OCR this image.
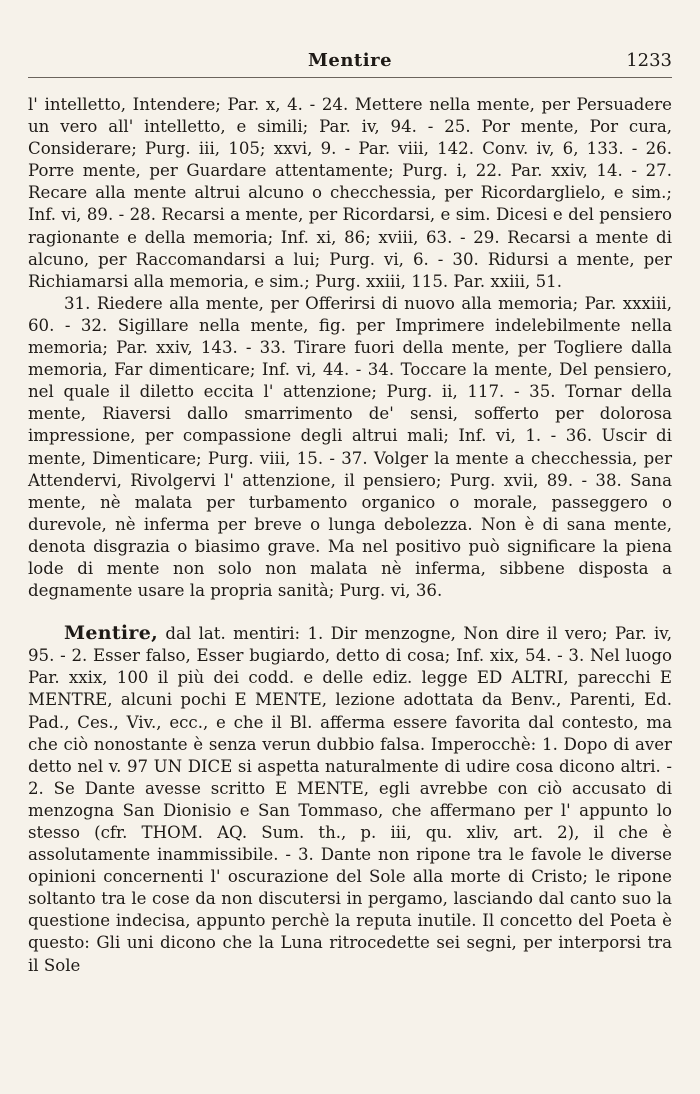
Mentire	1233

l' intelletto, Intendere; Par. x, 4. - 24. Mettere nella mente, per Persuadere un vero all' intelletto, e simili; Par. iv, 94. - 25. Por mente, Por cura, Considerare; Purg. iii, 105; xxvi, 9. - Par. viii, 142. Conv. iv, 6, 133. - 26. Porre mente, per Guardare attentamente; Purg. i, 22. Par. xxiv, 14. - 27. Recare alla mente altrui alcuno o checchessia, per Ricordarglielo, e sim.; Inf. vi, 89. - 28. Recarsi a mente, per Ricordarsi, e sim. Dicesi e del pensiero ragionante e della memoria; Inf. xi, 86; xviii, 63. - 29. Recarsi a mente di alcuno, per Raccomandarsi a lui; Purg. vi, 6. - 30. Ridursi a mente, per Richiamarsi alla memoria, e sim.; Purg. xxiii, 115. Par. xxiii, 51.

31. Riedere alla mente, per Offerirsi di nuovo alla memoria; Par. xxxiii, 60. - 32. Sigillare nella mente, fig. per Imprimere indelebilmente nella memoria; Par. xxiv, 143. - 33. Tirare fuori della mente, per Togliere dalla memoria, Far dimenticare; Inf. vi, 44. - 34. Toccare la mente, Del pensiero, nel quale il diletto eccita l' attenzione; Purg. ii, 117. - 35. Tornar della mente, Riaversi dallo smarrimento de' sensi, sofferto per dolorosa impressione, per compassione degli altrui mali; Inf. vi, 1. - 36. Uscir di mente, Dimenticare; Purg. viii, 15. - 37. Volger la mente a checchessia, per Attendervi, Rivolgervi l' attenzione, il pensiero; Purg. xvii, 89. - 38. Sana mente, nè malata per turbamento organico o morale, passeggero o durevole, nè inferma per breve o lunga debolezza. Non è di sana mente, denota disgrazia o biasimo grave. Ma nel positivo può significare la piena lode di mente non solo non malata nè inferma, sibbene disposta a degnamente usare la propria sanità; Purg. vi, 36.

Mentire, dal lat. mentiri: 1. Dir menzogne, Non dire il vero; Par. iv, 95. - 2. Esser falso, Esser bugiardo, detto di cosa; Inf. xix, 54. - 3. Nel luogo Par. xxix, 100 il più dei codd. e delle ediz. legge ED ALTRI, parecchi E MENTRE, alcuni pochi E MENTE, lezione adottata da Benv., Parenti, Ed. Pad., Ces., Viv., ecc., e che il Bl. afferma essere favorita dal contesto, ma che ciò nonostante è senza verun dubbio falsa. Imperocchè: 1. Dopo di aver detto nel v. 97 UN DICE si aspetta naturalmente di udire cosa dicono altri. - 2. Se Dante avesse scritto E MENTE, egli avrebbe con ciò accusato di menzogna San Dionisio e San Tommaso, che affermano per l' appunto lo stesso (cfr. THOM. AQ. Sum. th., p. iii, qu. xliv, art. 2), il che è assolutamente inammissibile. - 3. Dante non ripone tra le favole le diverse opinioni concernenti l' oscurazione del Sole alla morte di Cristo; le ripone soltanto tra le cose da non discutersi in pergamo, lasciando dal canto suo la questione indecisa, appunto perchè la reputa inutile. Il concetto del Poeta è questo: Gli uni dicono che la Luna ritrocedette sei segni, per interporsi tra il Sole
